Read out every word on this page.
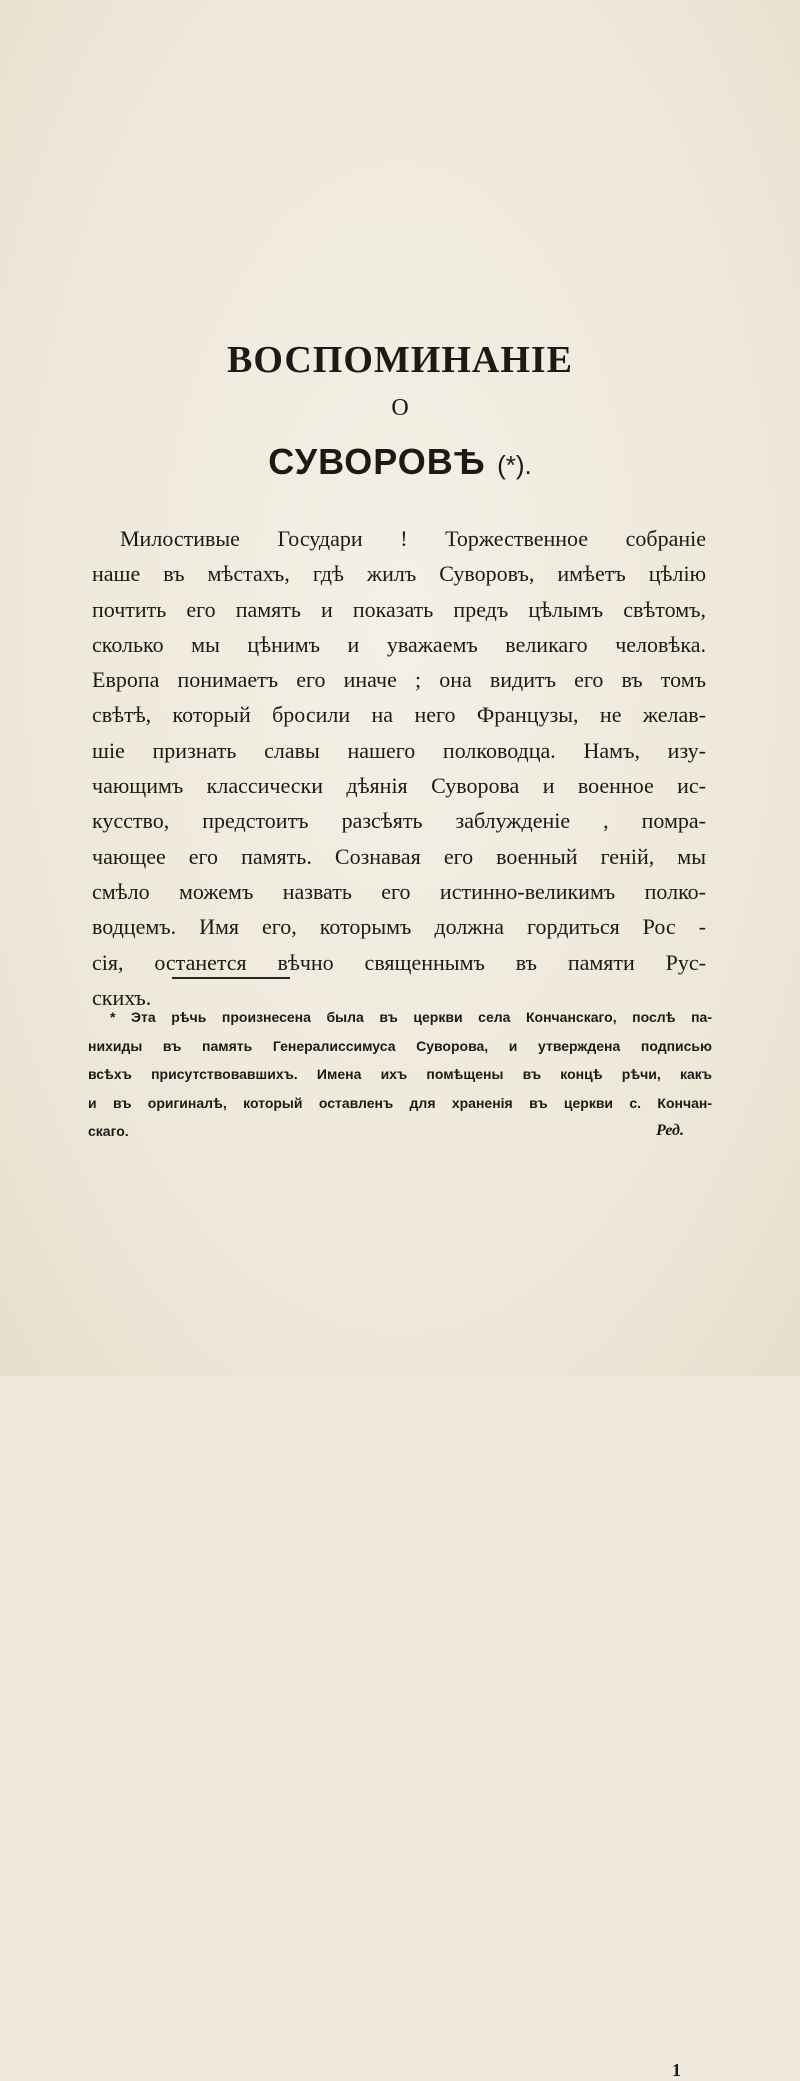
ВОСПОМИНАНІЕ
О
СУВОРОВѢ (*).
Милостивые Государи ! Торжественное собраніе
наше въ мѣстахъ, гдѣ жилъ Суворовъ, имѣетъ цѣлію
почтить его память и показать предъ цѣлымъ свѣтомъ,
сколько мы цѣнимъ и уважаемъ великаго человѣка.
Европа понимаетъ его иначе ; она видитъ его въ томъ
свѣтѣ, который бросили на него Французы, не желав-
шіе признать славы нашего полководца. Намъ, изу-
чающимъ классически дѣянія Суворова и военное ис-
кусство, предстоитъ разсѣять заблужденіе , помра-
чающее его память. Сознавая его военный геній, мы
смѣло можемъ назвать его истинно-великимъ полко-
водцемъ. Имя его, которымъ должна гордиться Рос -
сія, останется вѣчно священнымъ въ памяти Рус-
скихъ.
* Эта рѣчь произнесена была въ церкви села Кончанскаго, послѣ па-
нихиды въ память Генералиссимуса Суворова, и утверждена подписью
всѣхъ присутствовавшихъ. Имена ихъ помѣщены въ концѣ рѣчи, какъ
и въ оригиналѣ, который оставленъ для храненія въ церкви с. Кончан-
скаго.	Ред.
1
